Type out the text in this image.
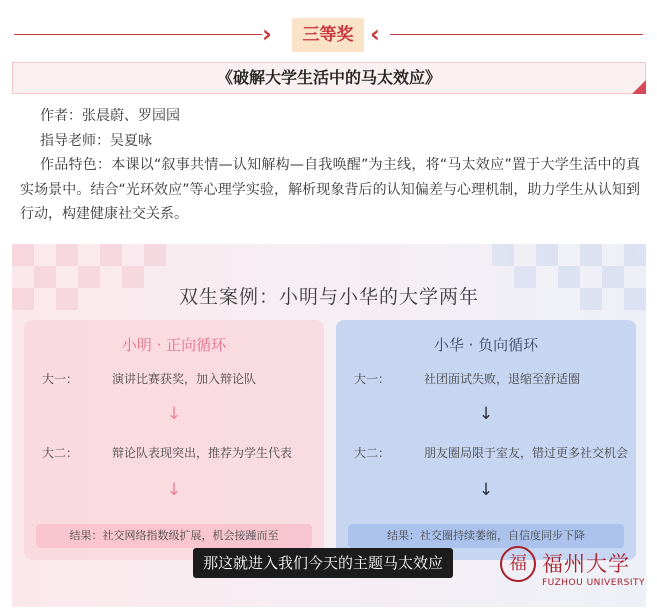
›	三等奖 ‹
《破解大学生活中的马太效应》
作者：张晨蔚、罗园园
指导老师：吴夏咏
作品特色：本课以“叙事共情—认知解构—自我唤醒”为主线，将“马太效应”置于大学生活中的真实场景中。结合“光环效应”等心理学实验，解析现象背后的认知偏差与心理机制，助力学生从认知到行动，构建健康社交关系。
双生案例：小明与小华的大学两年
小明 · 正向循环
大一：	演讲比赛获奖，加入辩论队
↓
大二：	辩论队表现突出，推荐为学生代表
↓
结果：社交网络指数级扩展，机会接踵而至
小华 · 负向循环
大一：	社团面试失败，退缩至舒适圈
↓
大二：	朋友圈局限于室友，错过更多社交机会
↓
结果：社交圈持续萎缩，自信度同步下降
那这就进入我们今天的主题马太效应	福 福州大学
FUZHOU UNIVERSITY
